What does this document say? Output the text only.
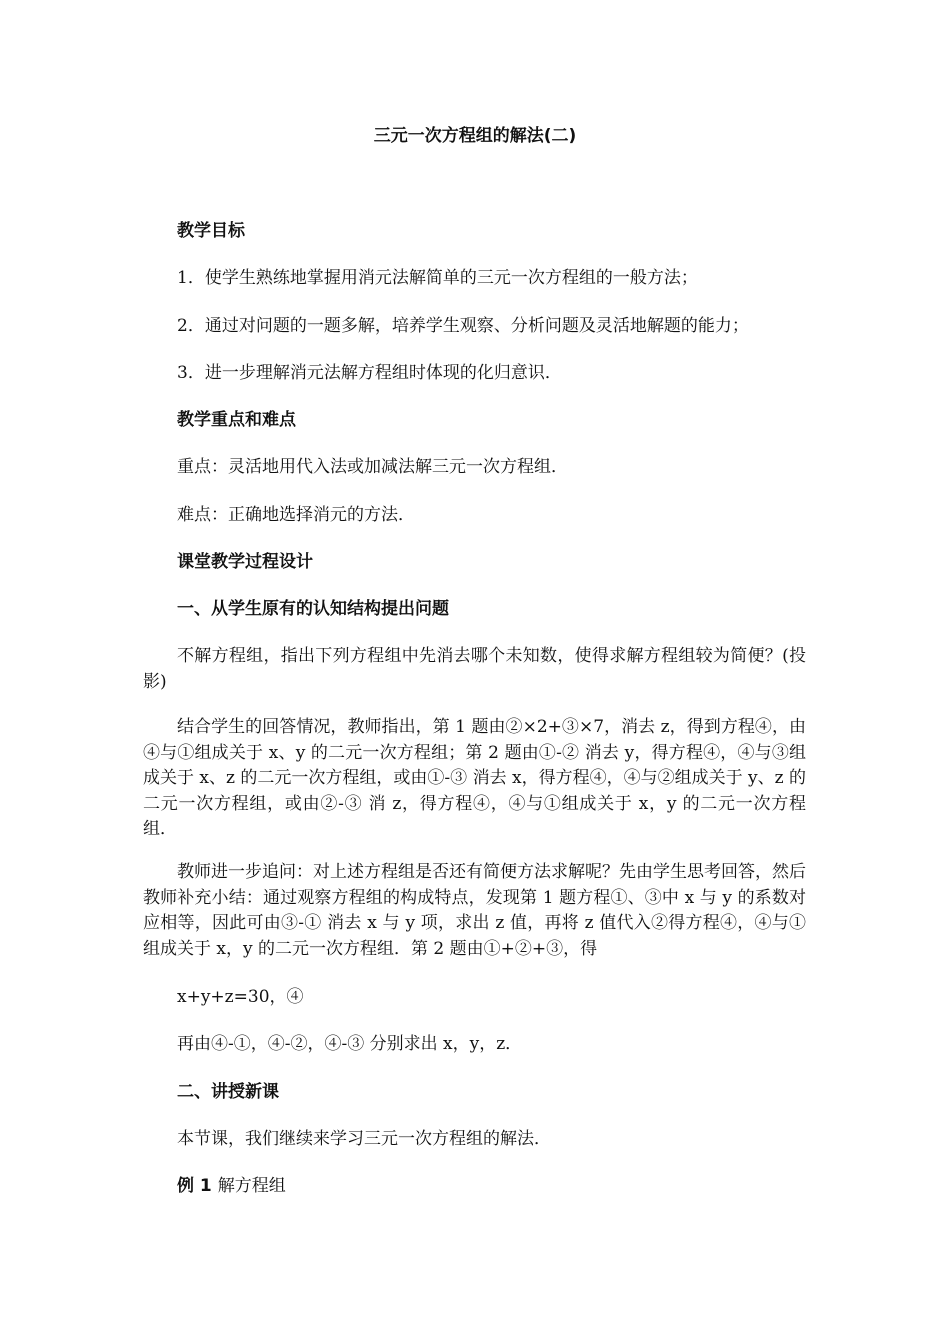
三元一次方程组的解法(二)

教学目标

1．使学生熟练地掌握用消元法解简单的三元一次方程组的一般方法；

2．通过对问题的一题多解，培养学生观察、分析问题及灵活地解题的能力；

3．进一步理解消元法解方程组时体现的化归意识．

教学重点和难点

重点：灵活地用代入法或加减法解三元一次方程组．

难点：正确地选择消元的方法．

课堂教学过程设计

一、从学生原有的认知结构提出问题

不解方程组，指出下列方程组中先消去哪个未知数，使得求解方程组较为简便？(投影)

结合学生的回答情况，教师指出，第 1 题由②×2+③×7，消去 z，得到方程④，由④与①组成关于 x、y 的二元一次方程组；第 2 题由①-② 消去 y，得方程④，④与③组成关于 x、z 的二元一次方程组，或由①-③ 消去 x，得方程④，④与②组成关于 y、z 的二元一次方程组，或由②-③ 消 z，得方程④，④与①组成关于 x，y 的二元一次方程组．

教师进一步追问：对上述方程组是否还有简便方法求解呢？先由学生思考回答，然后教师补充小结：通过观察方程组的构成特点，发现第 1 题方程①、③中 x 与 y 的系数对应相等，因此可由③-① 消去 x 与 y 项，求出 z 值，再将 z 值代入②得方程④，④与①组成关于 x，y 的二元一次方程组．第 2 题由①+②+③，得

x+y+z=30，④

再由④-①，④-②，④-③ 分别求出 x，y，z．

二、讲授新课

本节课，我们继续来学习三元一次方程组的解法．

例 1 解方程组
